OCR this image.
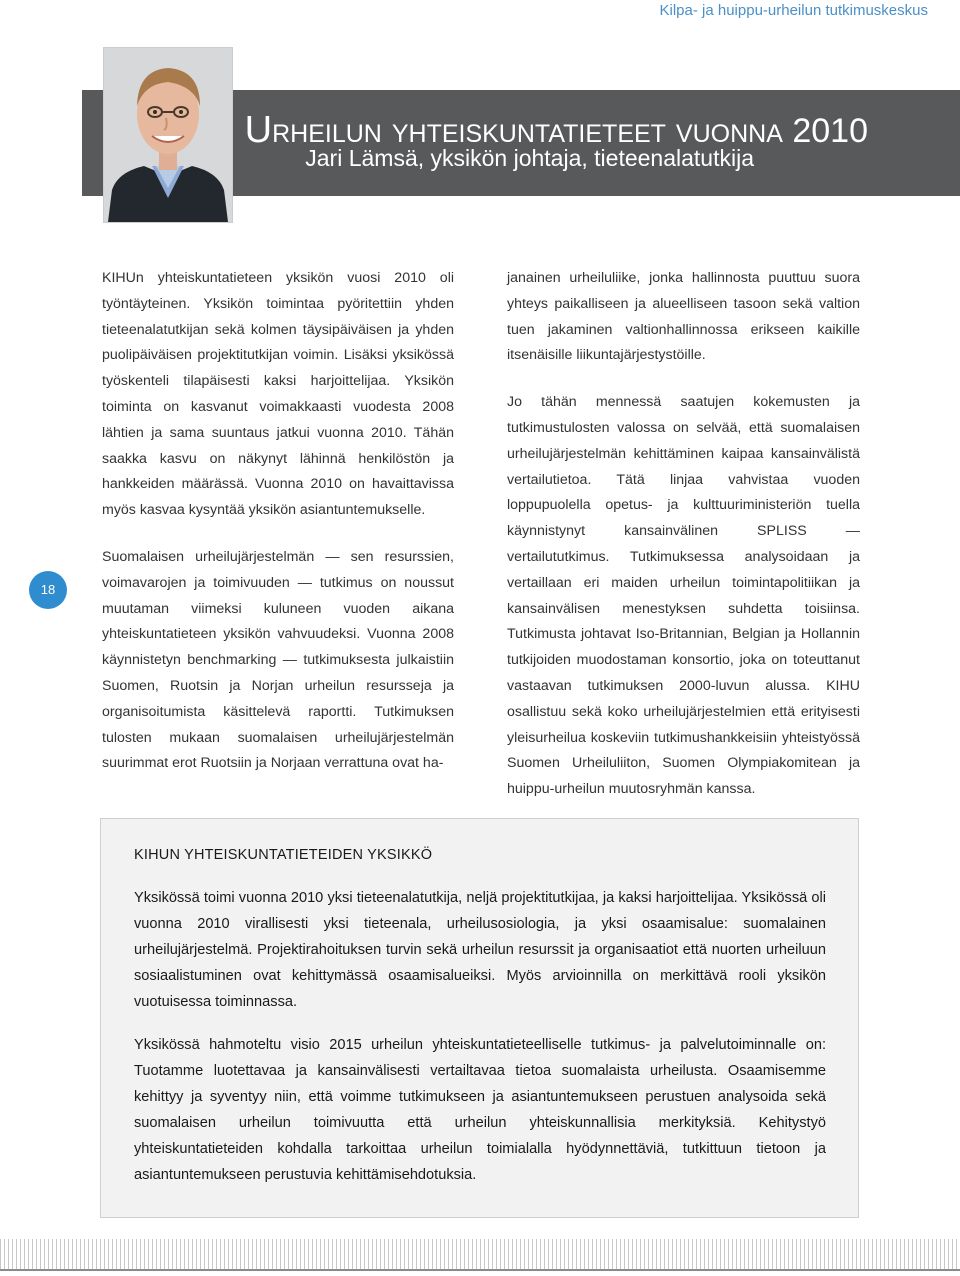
Kilpa- ja huippu-urheilun tutkimuskeskus
Urheilun yhteiskuntatieteet vuonna 2010
Jari Lämsä, yksikön johtaja, tieteenalatutkija
18

KIHUn yhteiskuntatieteen yksikön vuosi 2010 oli työntäyteinen. Yksikön toimintaa pyöritettiin yhden tieteenalatutkijan sekä kolmen täysipäiväisen ja yhden puolipäiväisen projektitutkijan voimin. Lisäksi yksikössä työskenteli tilapäisesti kaksi harjoittelijaa. Yksikön toiminta on kasvanut voimakkaasti vuodesta 2008 lähtien ja sama suuntaus jatkui vuonna 2010. Tähän saakka kasvu on näkynyt lähinnä henkilöstön ja hankkeiden määrässä. Vuonna 2010 on havaittavissa myös kasvaa kysyntää yksikön asiantuntemukselle.

Suomalaisen urheilujärjestelmän — sen resurssien, voimavarojen ja toimivuuden — tutkimus on noussut muutaman viimeksi kuluneen vuoden aikana yhteiskuntatieteen yksikön vahvuudeksi. Vuonna 2008 käynnistetyn benchmarking — tutkimuksesta julkaistiin Suomen, Ruotsin ja Norjan urheilun resursseja ja organisoitumista käsittelevä raportti. Tutkimuksen tulosten mukaan suomalaisen urheilujärjestelmän suurimmat erot Ruotsiin ja Norjaan verrattuna ovat ha-

janainen urheiluliike, jonka hallinnosta puuttuu suora yhteys paikalliseen ja alueelliseen tasoon sekä valtion tuen jakaminen valtionhallinnossa erikseen kaikille itsenäisille liikuntajärjestystöille.

Jo tähän mennessä saatujen kokemusten ja tutkimustulosten valossa on selvää, että suomalaisen urheilujärjestelmän kehittäminen kaipaa kansainvälistä vertailutietoa. Tätä linjaa vahvistaa vuoden loppupuolella opetus- ja kulttuuriministeriön tuella käynnistynyt kansainvälinen SPLISS — vertailututkimus. Tutkimuksessa analysoidaan ja vertaillaan eri maiden urheilun toimintapolitiikan ja kansainvälisen menestyksen suhdetta toisiinsa. Tutkimusta johtavat Iso-Britannian, Belgian ja Hollannin tutkijoiden muodostaman konsortio, joka on toteuttanut vastaavan tutkimuksen 2000-luvun alussa. KIHU osallistuu sekä koko urheilujärjestelmien että erityisesti yleisurheilua koskeviin tutkimushankkeisiin yhteistyössä Suomen Urheiluliiton, Suomen Olympiakomitean ja huippu-urheilun muutosryhmän kanssa.

KIHUN YHTEISKUNTATIETEIDEN YKSIKKÖ

Yksikössä toimi vuonna 2010 yksi tieteenalatutkija, neljä projektitutkijaa, ja kaksi harjoittelijaa. Yksikössä oli vuonna 2010 virallisesti yksi tieteenala, urheilusosiologia, ja yksi osaamisalue: suomalainen urheilujärjestelmä. Projektirahoituksen turvin sekä urheilun resurssit ja organisaatiot että nuorten urheiluun sosiaalistuminen ovat kehittymässä osaamisalueiksi. Myös arvioinnilla on merkittävä rooli yksikön vuotuisessa toiminnassa.

Yksikössä hahmoteltu visio 2015 urheilun yhteiskuntatieteelliselle tutkimus- ja palvelutoiminnalle on: Tuotamme luotettavaa ja kansainvälisesti vertailtavaa tietoa suomalaista urheilusta. Osaamisemme kehittyy ja syventyy niin, että voimme tutkimukseen ja asiantuntemukseen perustuen analysoida sekä suomalaisen urheilun toimivuutta että urheilun yhteiskunnallisia merkityksiä. Kehitystyö yhteiskuntatieteiden kohdalla tarkoittaa urheilun toimialalla hyödynnettäviä, tutkittuun tietoon ja asiantuntemukseen perustuvia kehittämisehdotuksia.
